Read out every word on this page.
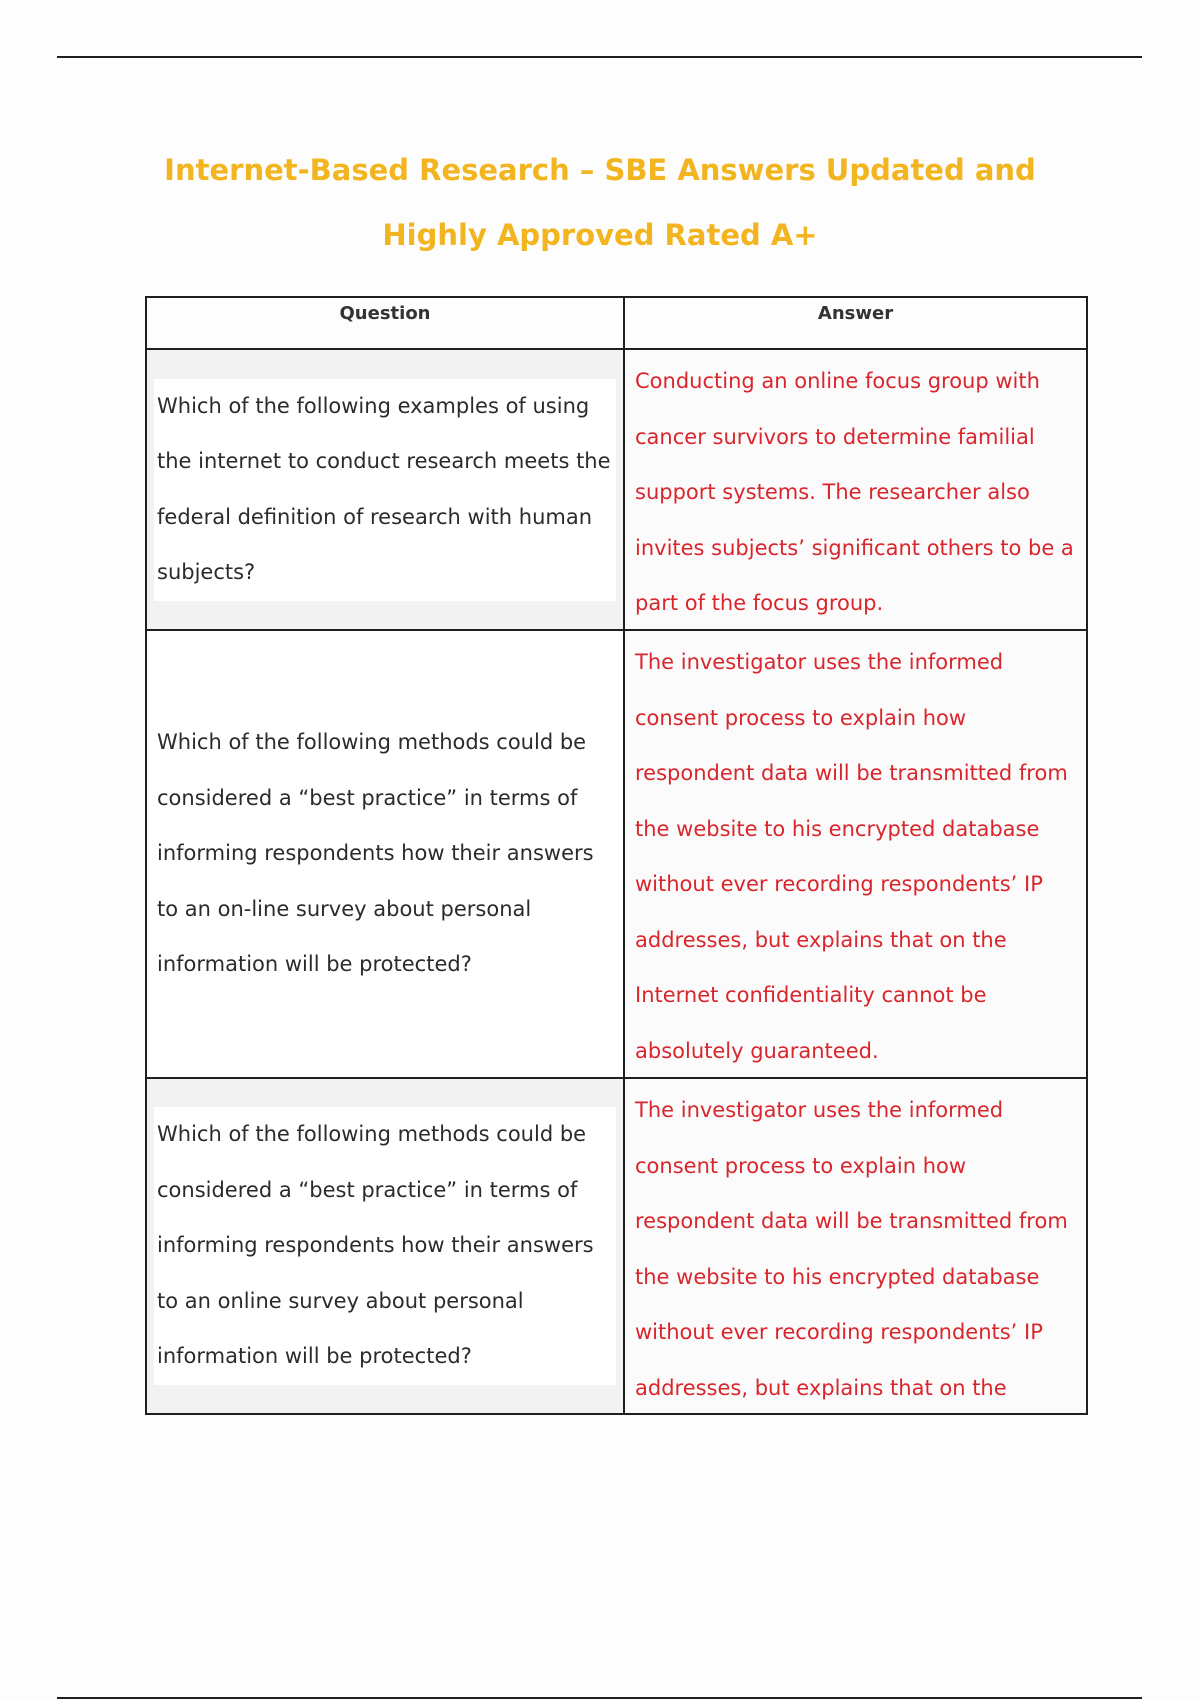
Internet-Based Research – SBE Answers Updated and
Highly Approved Rated A+
Question	Answer
Which of the following examples of using the internet to conduct research meets the federal definition of research with human subjects?
Conducting an online focus group with cancer survivors to determine familial support systems. The researcher also invites subjects’ significant others to be a part of the focus group.
Which of the following methods could be considered a “best practice” in terms of informing respondents how their answers to an on-line survey about personal information will be protected?
The investigator uses the informed consent process to explain how respondent data will be transmitted from the website to his encrypted database without ever recording respondents’ IP addresses, but explains that on the Internet confidentiality cannot be absolutely guaranteed.
Which of the following methods could be considered a “best practice” in terms of informing respondents how their answers to an online survey about personal information will be protected?
The investigator uses the informed consent process to explain how respondent data will be transmitted from the website to his encrypted database without ever recording respondents’ IP addresses, but explains that on the
